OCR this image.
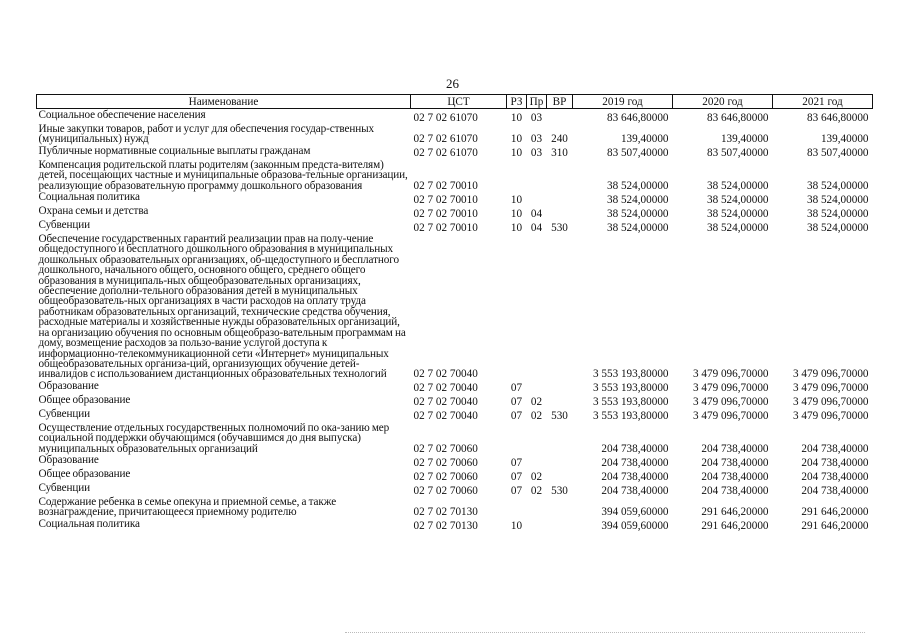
26
Наименование	ЦСТ	РЗ	Пр	ВР	2019 год	2020 год	2021 год
Социальное обеспечение населения	02 7 02 61070	10	03		83 646,80000	83 646,80000	83 646,80000
Иные закупки товаров, работ и услуг для обеспечения государ-ственных (муниципальных) нужд	02 7 02 61070	10	03	240	139,40000	139,40000	139,40000
Публичные нормативные социальные выплаты гражданам	02 7 02 61070	10	03	310	83 507,40000	83 507,40000	83 507,40000
Компенсация родительской платы родителям (законным предста-вителям) детей, посещающих частные и муниципальные образова-тельные организации, реализующие образовательную программу дошкольного образования	02 7 02 70010				38 524,00000	38 524,00000	38 524,00000
Социальная политика	02 7 02 70010	10			38 524,00000	38 524,00000	38 524,00000
Охрана семьи и детства	02 7 02 70010	10	04		38 524,00000	38 524,00000	38 524,00000
Субвенции	02 7 02 70010	10	04	530	38 524,00000	38 524,00000	38 524,00000
Обеспечение государственных гарантий реализации прав на полу-чение общедоступного и бесплатного дошкольного образования в муниципальных дошкольных образовательных организациях, об-щедоступного и бесплатного дошкольного, начального общего, основного общего, среднего общего образования в муниципаль-ных общеобразовательных организациях, обеспечение дополни-тельного образования детей в муниципальных общеобразователь-ных организациях в части расходов на оплату труда работникам образовательных организаций, технические средства обучения, расходные материалы и хозяйственные нужды образовательных организаций, на организацию обучения по основным общеобразо-вательным программам на дому, возмещение расходов за пользо-вание услугой доступа к информационно-телекоммуникационной сети «Интернет» муниципальных общеобразовательных организа-ций, организующих обучение детей-инвалидов с использованием дистанционных образовательных технологий	02 7 02 70040				3 553 193,80000	3 479 096,70000	3 479 096,70000
Образование	02 7 02 70040	07			3 553 193,80000	3 479 096,70000	3 479 096,70000
Общее образование	02 7 02 70040	07	02		3 553 193,80000	3 479 096,70000	3 479 096,70000
Субвенции	02 7 02 70040	07	02	530	3 553 193,80000	3 479 096,70000	3 479 096,70000
Осуществление отдельных государственных полномочий по ока-занию мер социальной поддержки обучающимся (обучавшимся до дня выпуска) муниципальных образовательных организаций	02 7 02 70060				204 738,40000	204 738,40000	204 738,40000
Образование	02 7 02 70060	07			204 738,40000	204 738,40000	204 738,40000
Общее образование	02 7 02 70060	07	02		204 738,40000	204 738,40000	204 738,40000
Субвенции	02 7 02 70060	07	02	530	204 738,40000	204 738,40000	204 738,40000
Содержание ребенка в семье опекуна и приемной семье, а также вознаграждение, причитающееся приемному родителю	02 7 02 70130				394 059,60000	291 646,20000	291 646,20000
Социальная политика	02 7 02 70130	10			394 059,60000	291 646,20000	291 646,20000
